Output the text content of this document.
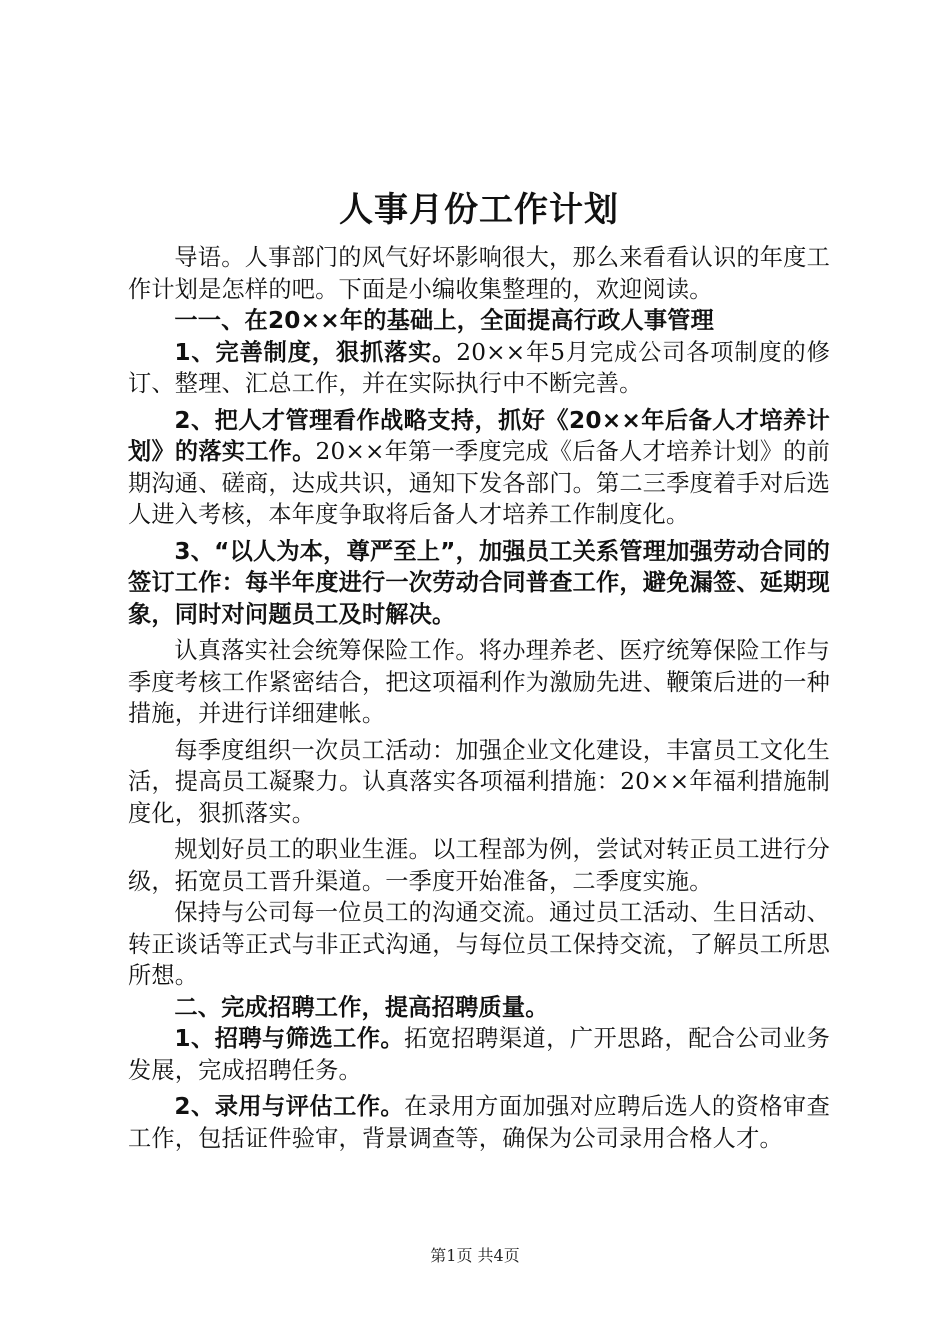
人事月份工作计划

导语。人事部门的风气好坏影响很大，那么来看看认识的年度工作计划是怎样的吧。下面是小编收集整理的，欢迎阅读。

一一、在20××年的基础上，全面提高行政人事管理

1、完善制度，狠抓落实。20××年5月完成公司各项制度的修订、整理、汇总工作，并在实际执行中不断完善。

2、把人才管理看作战略支持，抓好《20××年后备人才培养计划》的落实工作。20××年第一季度完成《后备人才培养计划》的前期沟通、磋商，达成共识，通知下发各部门。第二三季度着手对后选人进入考核，本年度争取将后备人才培养工作制度化。

3、“以人为本，尊严至上”，加强员工关系管理加强劳动合同的签订工作：每半年度进行一次劳动合同普查工作，避免漏签、延期现象，同时对问题员工及时解决。

认真落实社会统筹保险工作。将办理养老、医疗统筹保险工作与季度考核工作紧密结合，把这项福利作为激励先进、鞭策后进的一种措施，并进行详细建帐。

每季度组织一次员工活动：加强企业文化建设，丰富员工文化生活，提高员工凝聚力。认真落实各项福利措施：20××年福利措施制度化，狠抓落实。

规划好员工的职业生涯。以工程部为例，尝试对转正员工进行分级，拓宽员工晋升渠道。一季度开始准备，二季度实施。

保持与公司每一位员工的沟通交流。通过员工活动、生日活动、转正谈话等正式与非正式沟通，与每位员工保持交流，了解员工所思所想。

二、完成招聘工作，提高招聘质量。

1、招聘与筛选工作。拓宽招聘渠道，广开思路，配合公司业务发展，完成招聘任务。

2、录用与评估工作。在录用方面加强对应聘后选人的资格审查工作，包括证件验审，背景调查等，确保为公司录用合格人才。

第1页 共4页
